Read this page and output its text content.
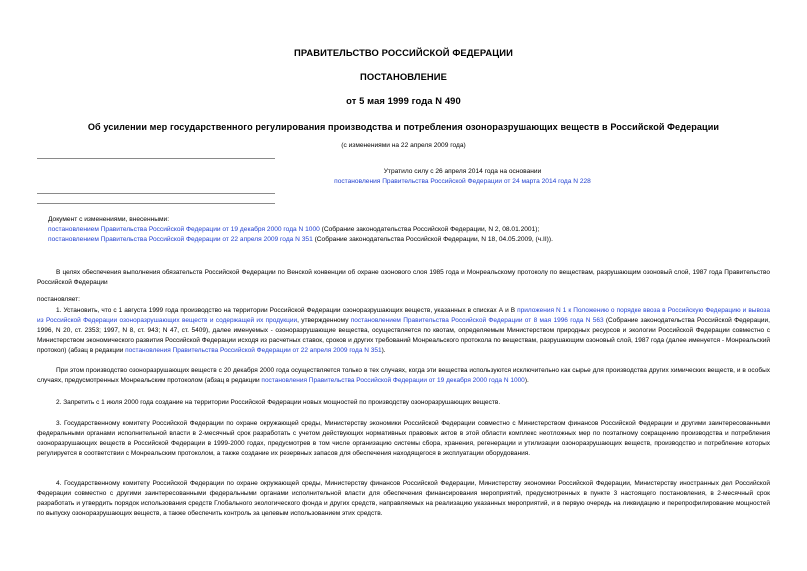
ПРАВИТЕЛЬСТВО РОССИЙСКОЙ ФЕДЕРАЦИИ
ПОСТАНОВЛЕНИЕ
от 5 мая 1999 года N 490
Об усилении мер государственного регулирования производства и потребления озоноразрушающих веществ в Российской Федерации
(с изменениями на 22 апреля 2009 года)
Утратило силу с 26 апреля 2014 года на основании
постановления Правительства Российской Федерации от 24 марта 2014 года N 228
Документ с изменениями, внесенными:
постановлением Правительства Российской Федерации от 19 декабря 2000 года N 1000 (Собрание законодательства Российской Федерации, N 2, 08.01.2001);
постановлением Правительства Российской Федерации от 22 апреля 2009 года N 351 (Собрание законодательства Российской Федерации, N 18, 04.05.2009, (ч.II)).

В целях обеспечения выполнения обязательств Российской Федерации по Венской конвенции об охране озонового слоя 1985 года и Монреальскому протоколу по веществам, разрушающим озоновый слой, 1987 года Правительство Российской Федерации

постановляет:

1. Установить, что с 1 августа 1999 года производство на территории Российской Федерации озоноразрушающих веществ, указанных в списках А и В приложения N 1 к Положению о порядке ввоза в Российскую Федерацию и вывоза из Российской Федерации озоноразрушающих веществ и содержащей их продукции, утвержденному постановлением Правительства Российской Федерации от 8 мая 1996 года N 563 (Собрание законодательства Российской Федерации, 1996, N 20, ст. 2353; 1997, N 8, ст. 943; N 47, ст. 5409), далее именуемых - озоноразрушающие вещества, осуществляется по квотам, определяемым Министерством природных ресурсов и экологии Российской Федерации совместно с Министерством экономического развития Российской Федерации исходя из расчетных ставок, сроков и других требований Монреальского протокола по веществам, разрушающим озоновый слой, 1987 года (далее именуется - Монреальский протокол) (абзац в редакции постановления Правительства Российской Федерации от 22 апреля 2009 года N 351).

При этом производство озоноразрушающих веществ с 20 декабря 2000 года осуществляется только в тех случаях, когда эти вещества используются исключительно как сырье для производства других химических веществ, и в особых случаях, предусмотренных Монреальским протоколом (абзац в редакции постановления Правительства Российской Федерации от 19 декабря 2000 года N 1000).

2. Запретить с 1 июля 2000 года создание на территории Российской Федерации новых мощностей по производству озоноразрушающих веществ.

3. Государственному комитету Российской Федерации по охране окружающей среды, Министерству экономики Российской Федерации совместно с Министерством финансов Российской Федерации и другими заинтересованными федеральными органами исполнительной власти в 2-месячный срок разработать с учетом действующих нормативных правовых актов в этой области комплекс неотложных мер по поэтапному сокращению производства и потребления озоноразрушающих веществ в Российской Федерации в 1999-2000 годах, предусмотрев в том числе организацию системы сбора, хранения, регенерации и утилизации озоноразрушающих веществ, производство и потребление которых регулируется в соответствии с Монреальским протоколом, а также создание их резервных запасов для обеспечения находящегося в эксплуатации оборудования.

4. Государственному комитету Российской Федерации по охране окружающей среды, Министерству финансов Российской Федерации, Министерству экономики Российской Федерации, Министерству иностранных дел Российской Федерации совместно с другими заинтересованными федеральными органами исполнительной власти для обеспечения финансирования мероприятий, предусмотренных в пункте 3 настоящего постановления, в 2-месячный срок разработать и утвердить порядок использования средств Глобального экологического фонда и других средств, направляемых на реализацию указанных мероприятий, и в первую очередь на ликвидацию и перепрофилирование мощностей по выпуску озоноразрушающих веществ, а также обеспечить контроль за целевым использованием этих средств.
